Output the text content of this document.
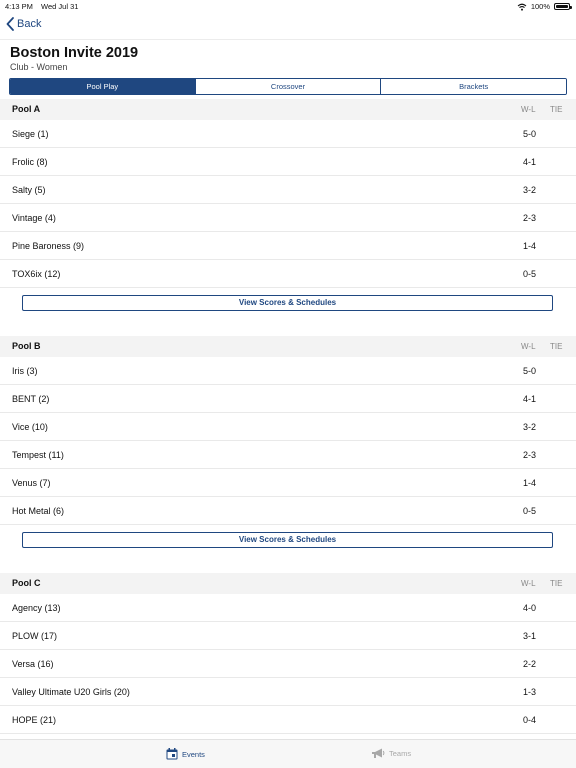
4:13 PM Wed Jul 31	100%
Back
Boston Invite 2019
Club - Women
Pool Play	Crossover	Brackets
Pool A	W-L TIE
Siege (1)	5-0
Frolic (8)	4-1
Salty (5)	3-2
Vintage (4)	2-3
Pine Baroness (9)	1-4
TOX6ix (12)	0-5
View Scores & Schedules
Pool B	W-L TIE
Iris (3)	5-0
BENT (2)	4-1
Vice (10)	3-2
Tempest (11)	2-3
Venus (7)	1-4
Hot Metal (6)	0-5
View Scores & Schedules
Pool C	W-L TIE
Agency (13)	4-0
PLOW (17)	3-1
Versa (16)	2-2
Valley Ultimate U20 Girls (20)	1-3
HOPE (21)	0-4
Events	Teams
